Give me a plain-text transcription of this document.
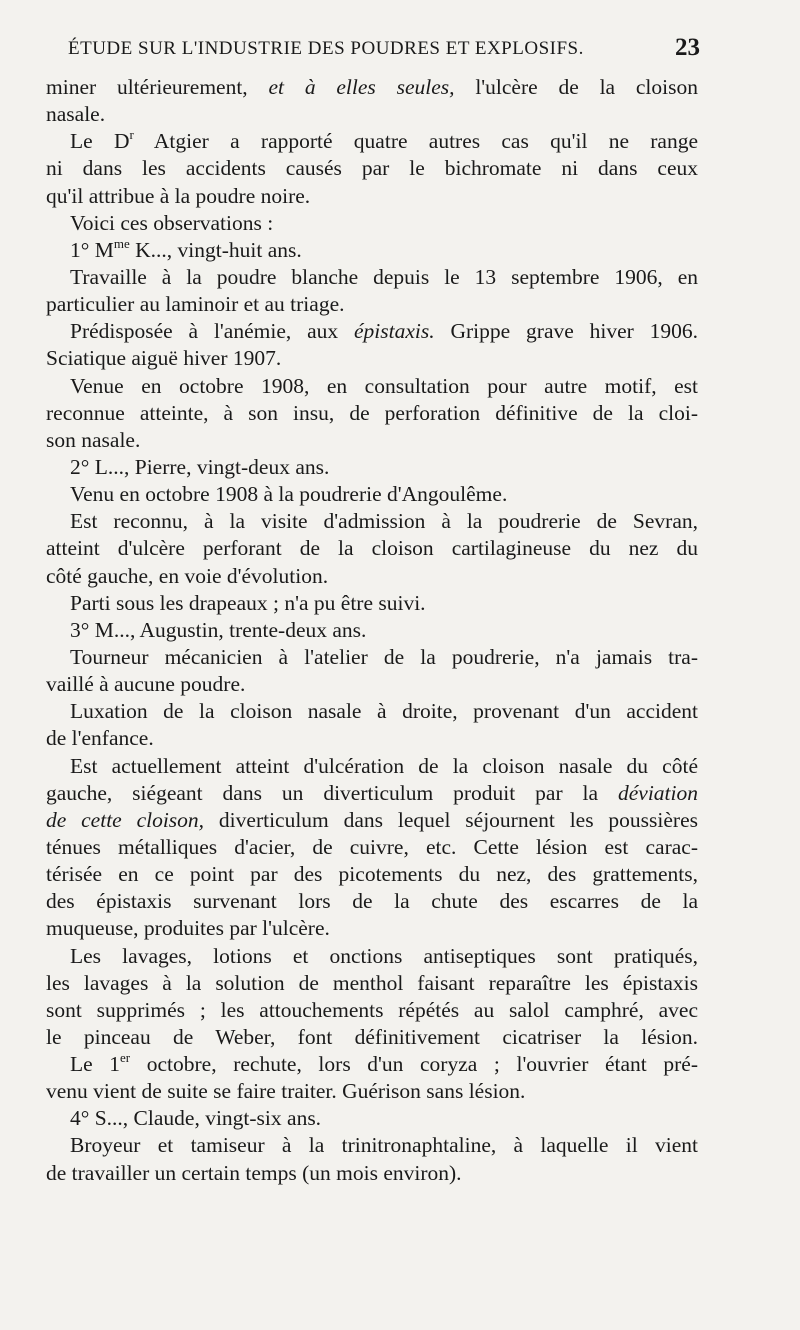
ÉTUDE SUR L'INDUSTRIE DES POUDRES ET EXPLOSIFS.	23
miner ultérieurement, et à elles seules, l'ulcère de la cloison
nasale.
Le $D^r$ Atgier a rapporté quatre autres cas qu'il ne range
ni dans les accidents causés par le bichromate ni dans ceux
qu'il attribue à la poudre noire.
Voici ces observations :
1° $M^{me}$ K..., vingt-huit ans.
Travaille à la poudre blanche depuis le 13 septembre 1906, en
particulier au laminoir et au triage.
Prédisposée à l'anémie, aux épistaxis. Grippe grave hiver 1906.
Sciatique aiguë hiver 1907.
Venue en octobre 1908, en consultation pour autre motif, est
reconnue atteinte, à son insu, de perforation définitive de la cloi-
son nasale.
2° L..., Pierre, vingt-deux ans.
Venu en octobre 1908 à la poudrerie d'Angoulême.
Est reconnu, à la visite d'admission à la poudrerie de Sevran,
atteint d'ulcère perforant de la cloison cartilagineuse du nez du
côté gauche, en voie d'évolution.
Parti sous les drapeaux ; n'a pu être suivi.
3° M..., Augustin, trente-deux ans.
Tourneur mécanicien à l'atelier de la poudrerie, n'a jamais tra-
vaillé à aucune poudre.
Luxation de la cloison nasale à droite, provenant d'un accident
de l'enfance.
Est actuellement atteint d'ulcération de la cloison nasale du côté
gauche, siégeant dans un diverticulum produit par la déviation
de cette cloison, diverticulum dans lequel séjournent les poussières
ténues métalliques d'acier, de cuivre, etc. Cette lésion est carac-
térisée en ce point par des picotements du nez, des grattements,
des épistaxis survenant lors de la chute des escarres de la
muqueuse, produites par l'ulcère.
Les lavages, lotions et onctions antiseptiques sont pratiqués,
les lavages à la solution de menthol faisant reparaître les épistaxis
sont supprimés ; les attouchements répétés au salol camphré, avec
le pinceau de Weber, font définitivement cicatriser la lésion.
Le 1er octobre, rechute, lors d'un coryza ; l'ouvrier étant pré-
venu vient de suite se faire traiter. Guérison sans lésion.
4° S..., Claude, vingt-six ans.
Broyeur et tamiseur à la trinitronaphtaline, à laquelle il vient
de travailler un certain temps (un mois environ).
